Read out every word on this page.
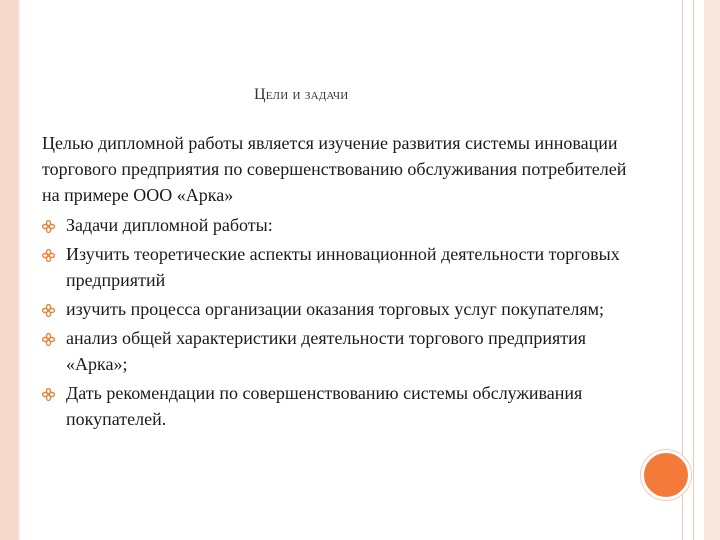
Цели и задачи

Целью дипломной работы является изучение развития системы инновации торгового предприятия по совершенствованию обслуживания потребителей на примере ООО «Арка»

Задачи дипломной работы:
Изучить теоретические аспекты инновационной деятельности торговых предприятий
изучить процесса организации оказания торговых услуг покупателям;
анализ общей характеристики деятельности торгового предприятия «Арка»;
Дать рекомендации по совершенствованию системы обслуживания покупателей.
